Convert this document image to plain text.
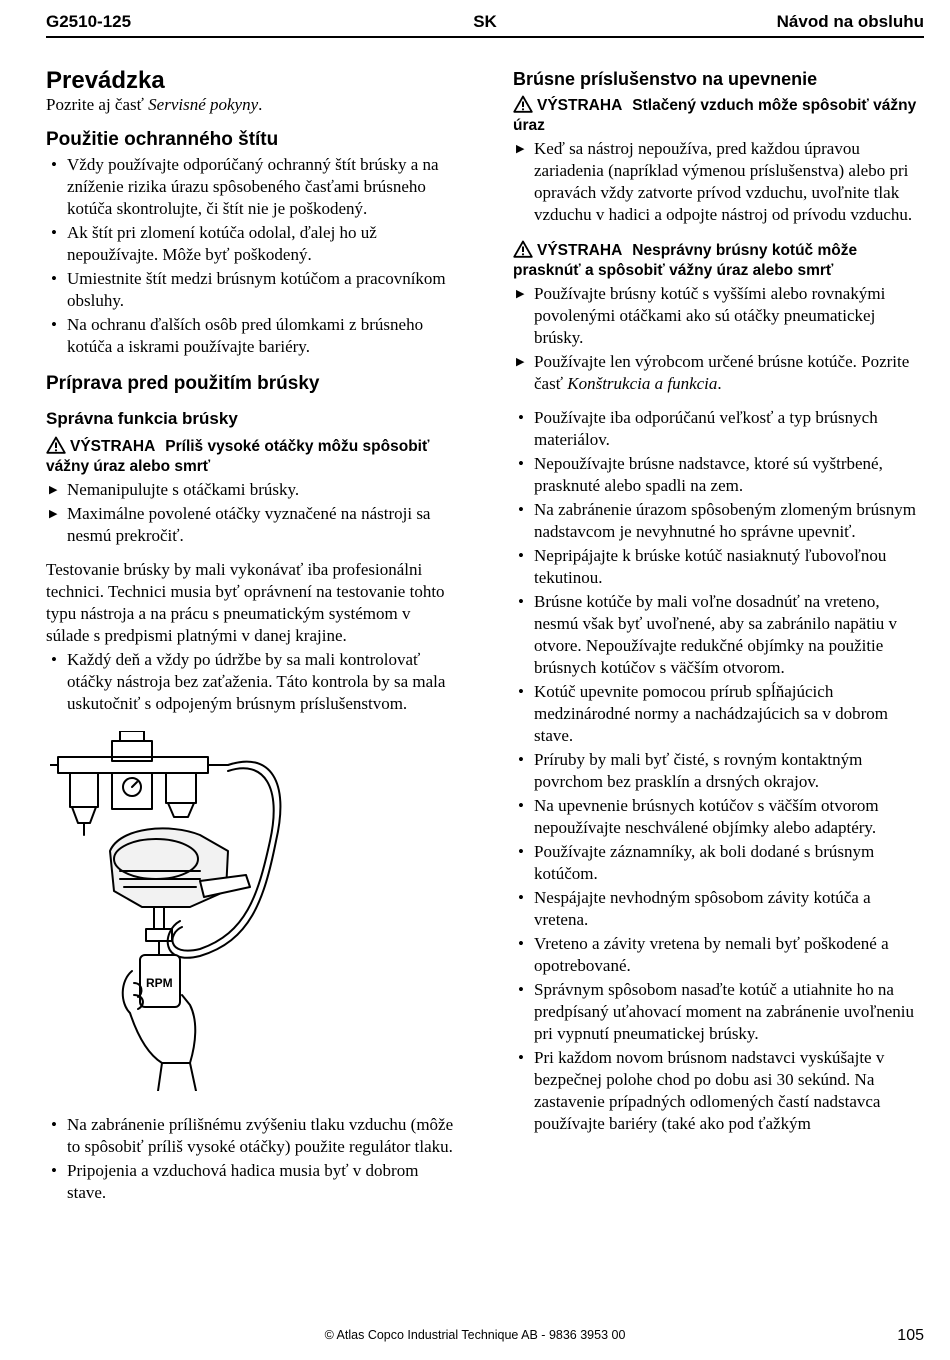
G2510-125	SK	Návod na obsluhu
Prevádzka

Pozrite aj časť Servisné pokyny.

Použitie ochranného štítu
• Vždy používajte odporúčaný ochranný štít brúsky a na zníženie rizika úrazu spôsobeného časťami brúsneho kotúča skontrolujte, či štít nie je poškodený.
• Ak štít pri zlomení kotúča odolal, ďalej ho už nepoužívajte. Môže byť poškodený.
• Umiestnite štít medzi brúsnym kotúčom a pracovníkom obsluhy.
• Na ochranu ďalších osôb pred úlomkami z brúsneho kotúča a iskrami používajte bariéry.
Príprava pred použitím brúsky
Správna funkcia brúsky
VÝSTRAHA Príliš vysoké otáčky môžu spôsobiť vážny úraz alebo smrť
▶ Nemanipulujte s otáčkami brúsky.
▶ Maximálne povolené otáčky vyznačené na nástroji sa nesmú prekročiť.

Testovanie brúsky by mali vykonávať iba profesionálni technici. Technici musia byť oprávnení na testovanie tohto typu nástroja a na prácu s pneumatickým systémom v súlade s predpismi platnými v danej krajine.

• Každý deň a vždy po údržbe by sa mali kontrolovať otáčky nástroja bez zaťaženia. Táto kontrola by sa mala uskutočniť s odpojeným brúsnym príslušenstvom.
RPM
• Na zabránenie prílišnému zvýšeniu tlaku vzduchu (môže to spôsobiť príliš vysoké otáčky) použite regulátor tlaku.
• Pripojenia a vzduchová hadica musia byť v dobrom stave.
Brúsne príslušenstvo na upevnenie
VÝSTRAHA Stlačený vzduch môže spôsobiť vážny úraz
▶ Keď sa nástroj nepoužíva, pred každou úpravou zariadenia (napríklad výmenou príslušenstva) alebo pri opravách vždy zatvorte prívod vzduchu, uvoľnite tlak vzduchu v hadici a odpojte nástroj od prívodu vzduchu.
VÝSTRAHA Nesprávny brúsny kotúč môže prasknúť a spôsobiť vážny úraz alebo smrť
▶ Používajte brúsny kotúč s vyššími alebo rovnakými povolenými otáčkami ako sú otáčky pneumatickej brúsky.
▶ Používajte len výrobcom určené brúsne kotúče. Pozrite časť Konštrukcia a funkcia.
• Používajte iba odporúčanú veľkosť a typ brúsnych materiálov.
• Nepoužívajte brúsne nadstavce, ktoré sú vyštrbené, prasknuté alebo spadli na zem.
• Na zabránenie úrazom spôsobeným zlomeným brúsnym nadstavcom je nevyhnutné ho správne upevniť.
• Nepripájajte k brúske kotúč nasiaknutý ľubovoľnou tekutinou.
• Brúsne kotúče by mali voľne dosadnúť na vreteno, nesmú však byť uvoľnené, aby sa zabránilo napätiu v otvore. Nepoužívajte redukčné objímky na použitie brúsnych kotúčov s väčším otvorom.
• Kotúč upevnite pomocou prírub spĺňajúcich medzinárodné normy a nachádzajúcich sa v dobrom stave.
• Príruby by mali byť čisté, s rovným kontaktným povrchom bez prasklín a drsných okrajov.
• Na upevnenie brúsnych kotúčov s väčším otvorom nepoužívajte neschválené objímky alebo adaptéry.
• Používajte záznamníky, ak boli dodané s brúsnym kotúčom.
• Nespájajte nevhodným spôsobom závity kotúča a vretena.
• Vreteno a závity vretena by nemali byť poškodené a opotrebované.
• Správnym spôsobom nasaďte kotúč a utiahnite ho na predpísaný uťahovací moment na zabránenie uvoľneniu pri vypnutí pneumatickej brúsky.
• Pri každom novom brúsnom nadstavci vyskúšajte v bezpečnej polohe chod po dobu asi 30 sekúnd. Na zastavenie prípadných odlomených častí nadstavca používajte bariéry (také ako pod ťažkým
© Atlas Copco Industrial Technique AB - 9836 3953 00	105
